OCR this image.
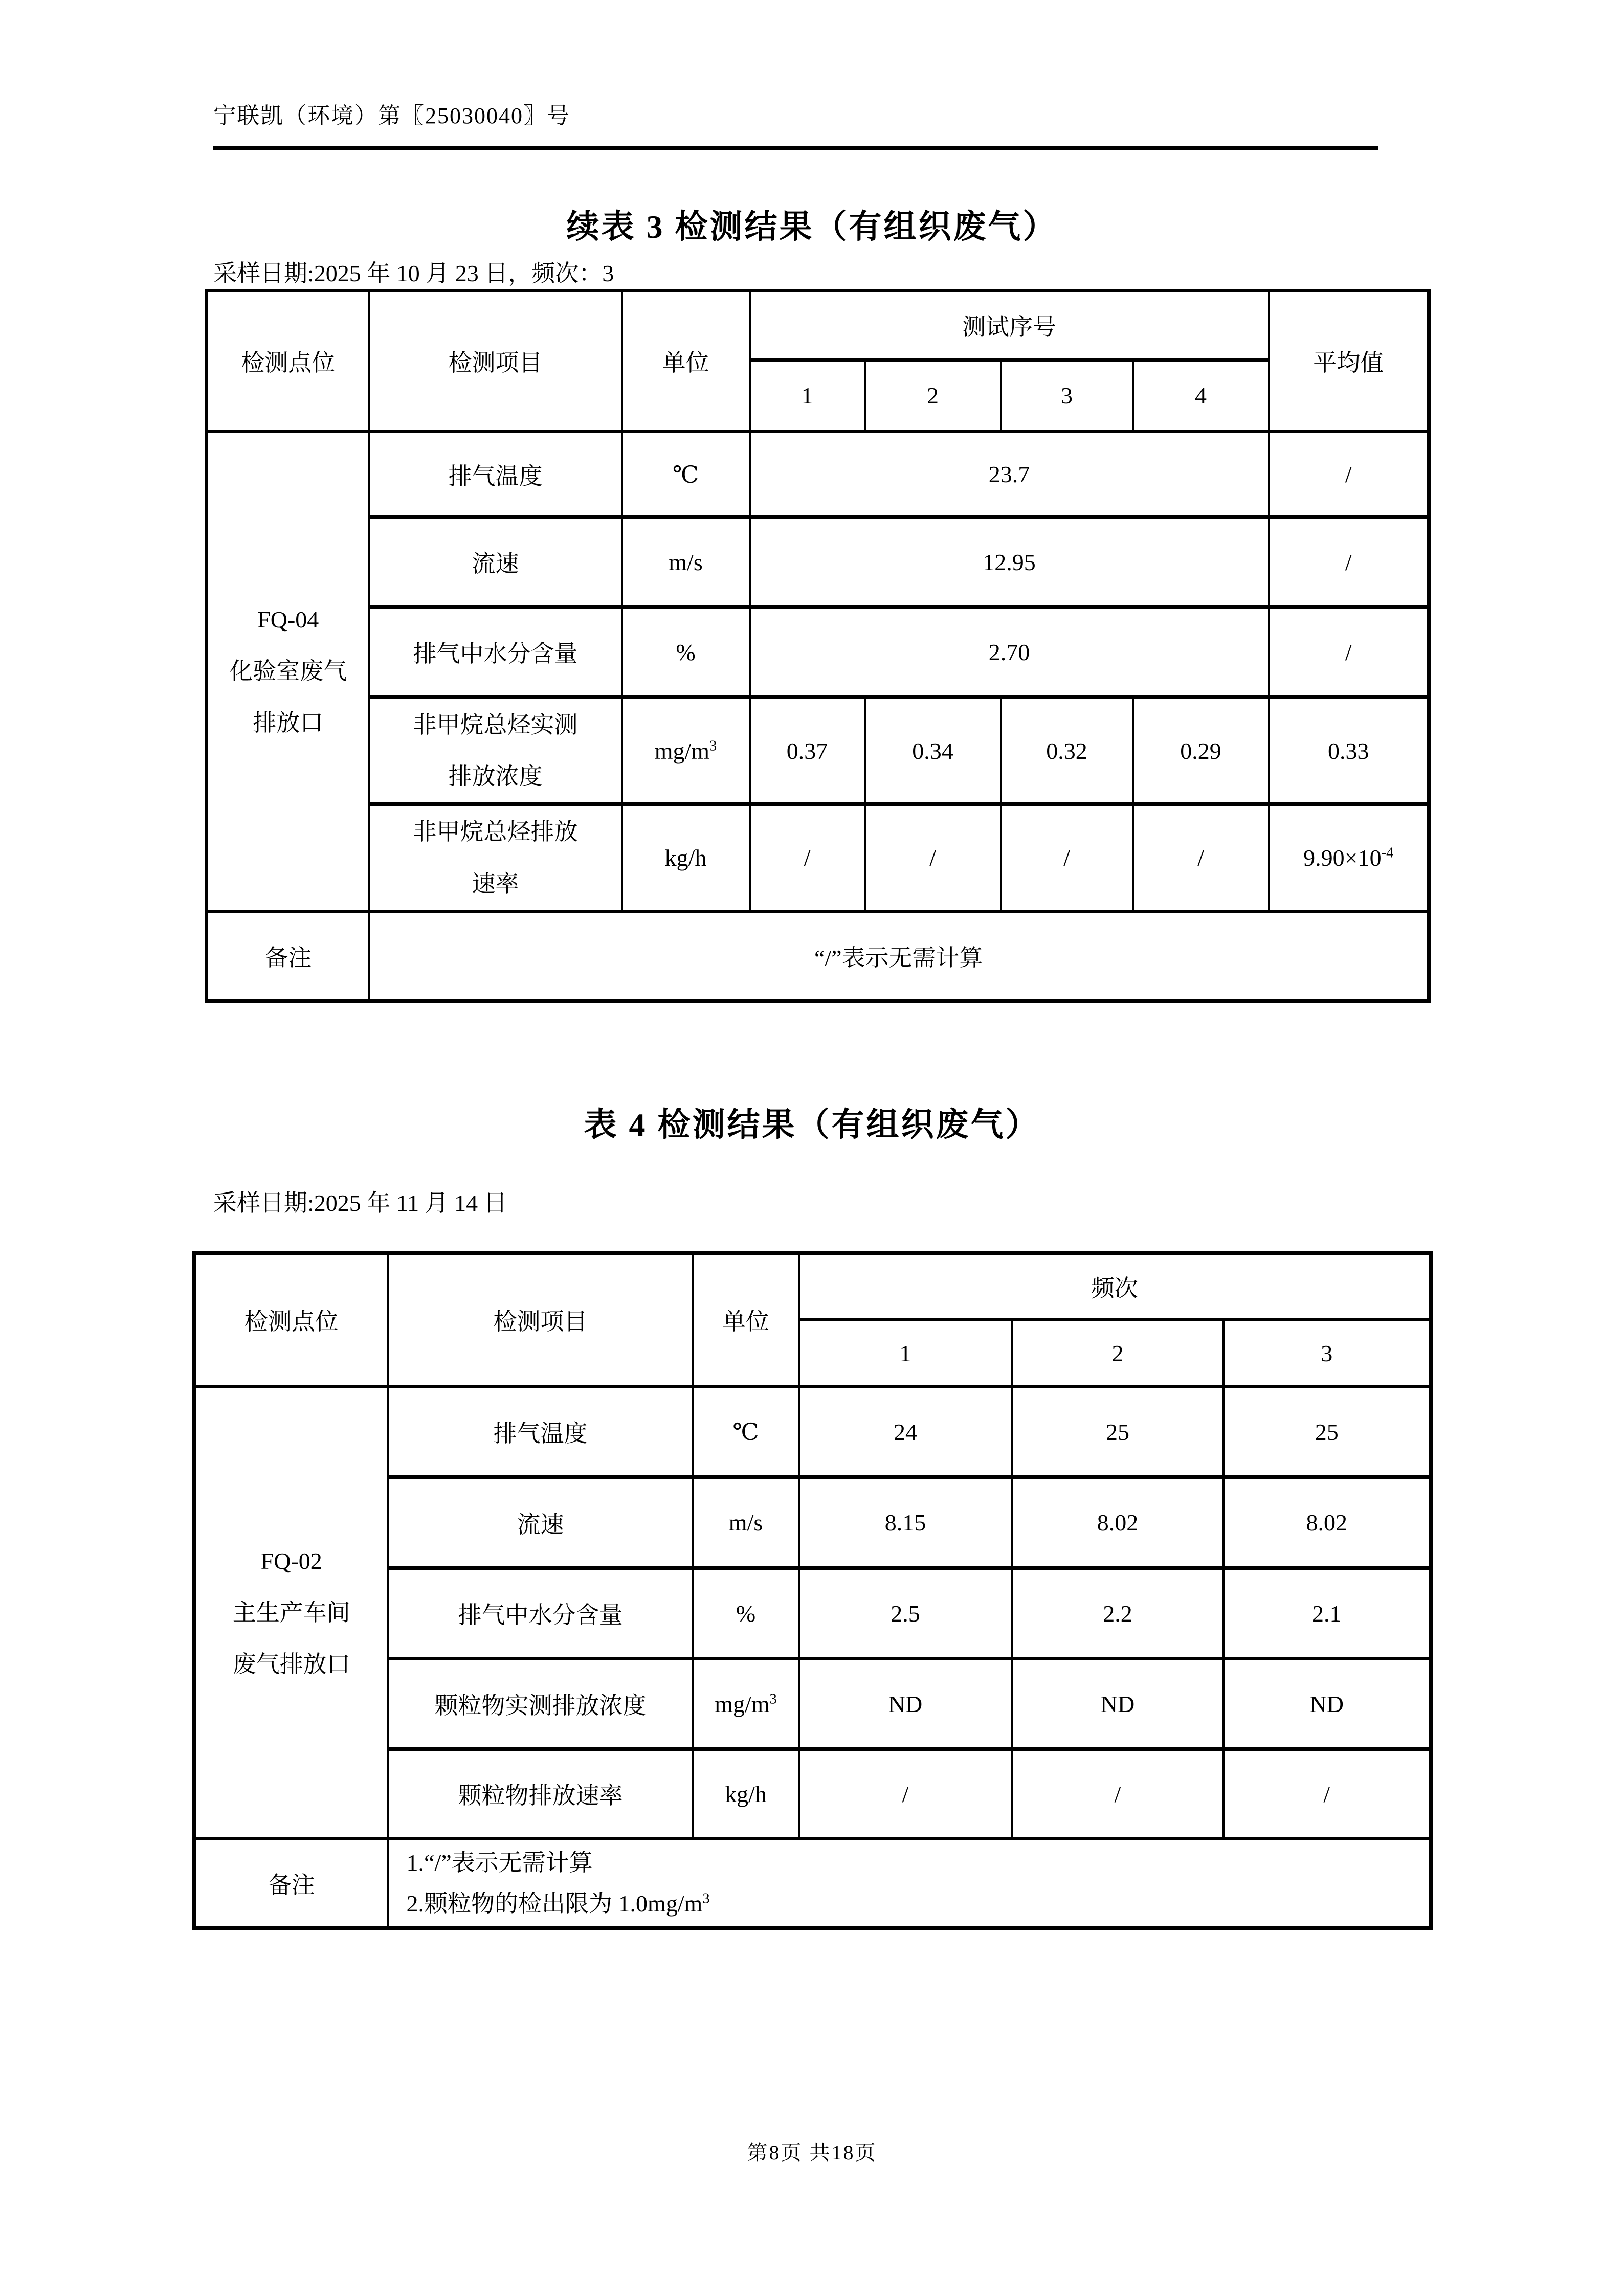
宁联凯（环境）第〖25030040〗号
续表 3 检测结果（有组织废气）
采样日期:2025 年 10 月 23 日，频次：3
检测点位	检测项目	单位	测试序号				平均值
			1	2	3	4	

FQ-04
化验室废气
排放口	排气温度	℃	23.7				/
	流速	m/s	12.95				/
	排气中水分含量	%	2.70				/

	非甲烷总烃实测
排放浓度	$mg/m^3$	0.37	0.34	0.32	0.29	0.33

	非甲烷总烃排放
速率	kg/h	/	/	/	/	$9.90\times 10^{-4}$
备注	“/”表示无需计算						
表 4 检测结果（有组织废气）
采样日期:2025 年 11 月 14 日
检测点位	检测项目	单位	频次		
			1	2	3

FQ-02
主生产车间
废气排放口	排气温度	℃	24	25	25
	流速	m/s	8.15	8.02	8.02
	排气中水分含量	%	2.5	2.2	2.1
	颗粒物实测排放浓度	$mg/m^3$	ND	ND	ND
	颗粒物排放速率	kg/h	/	/	/
备注	1.“/”表示无需计算
2.颗粒物的检出限为 $1.0mg/m^3$
第8页 共18页
